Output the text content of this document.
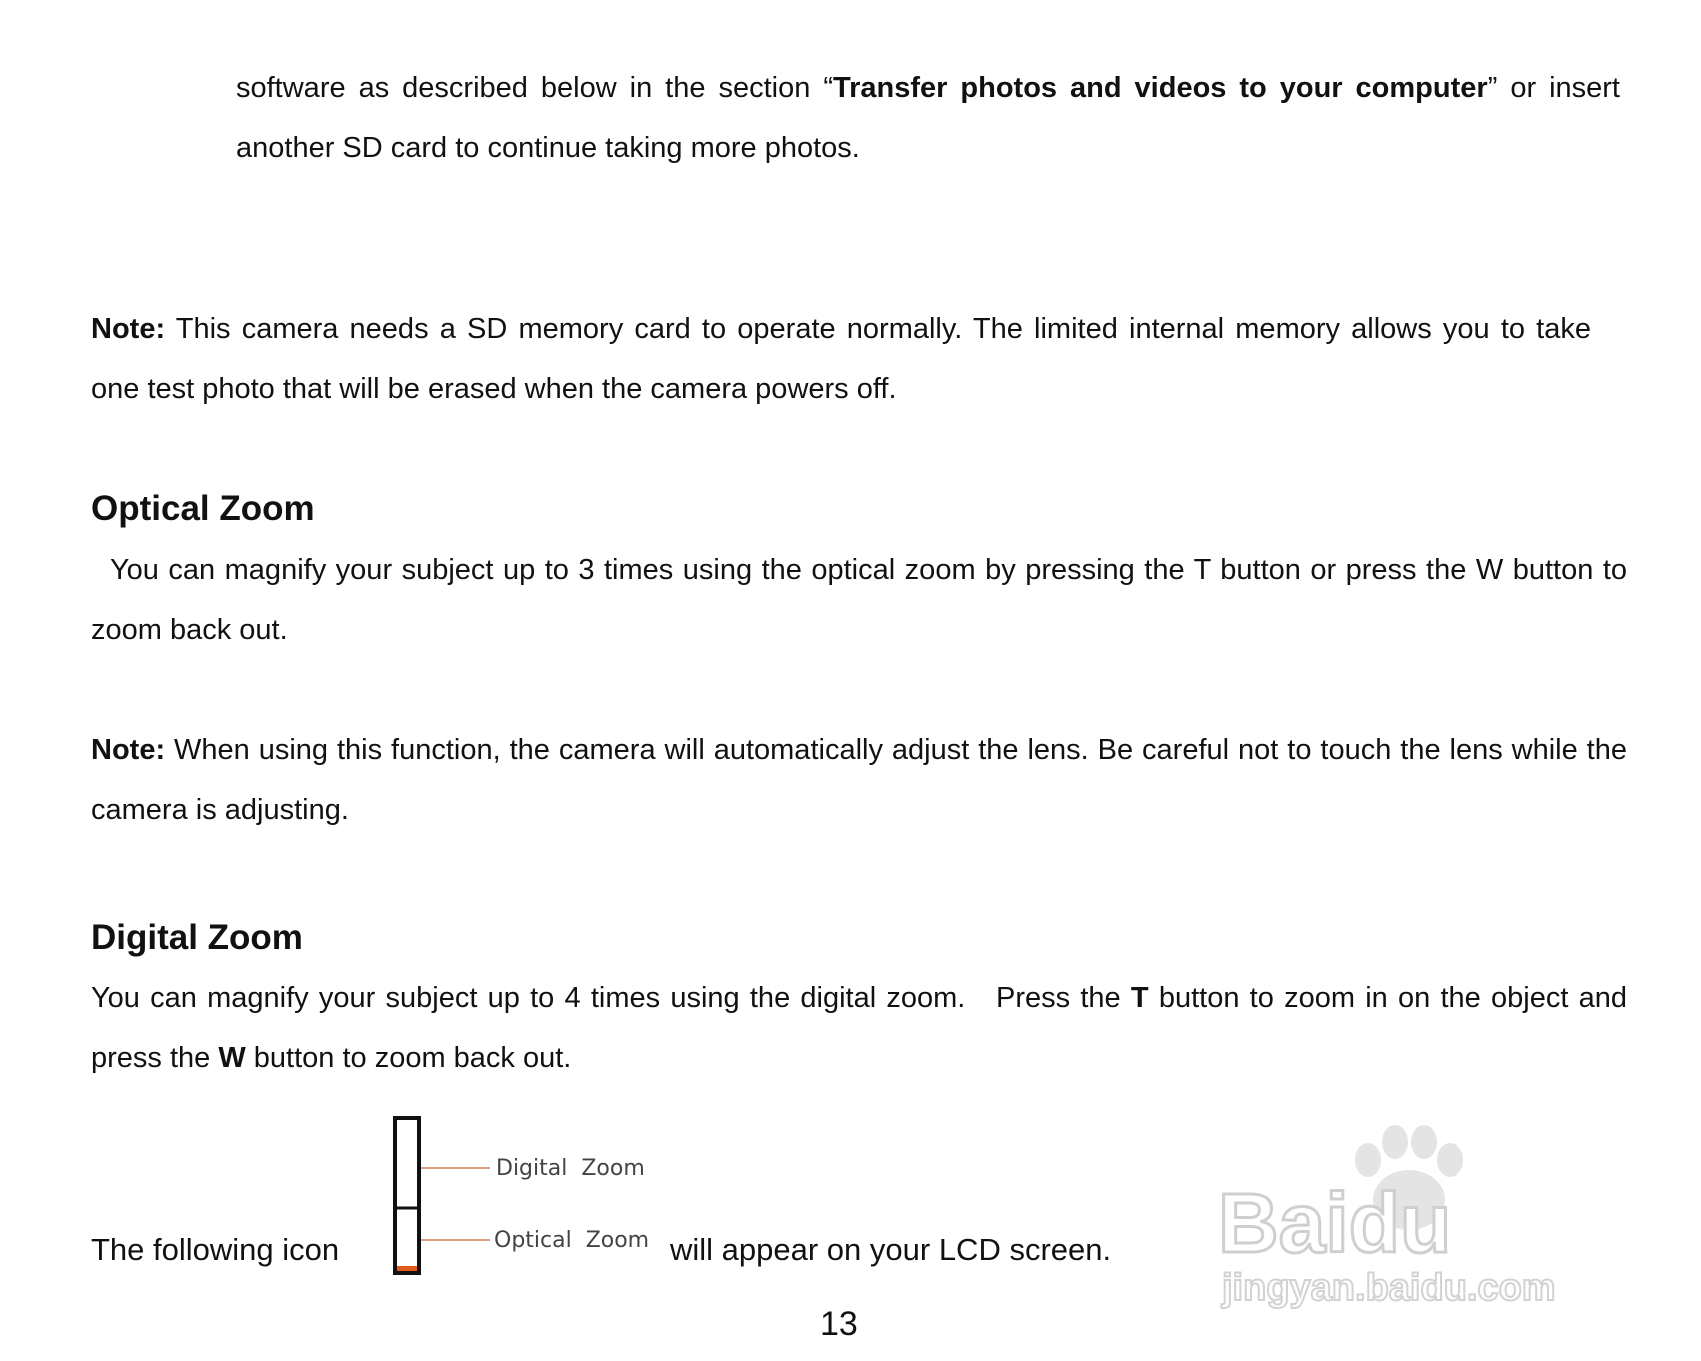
software as described below in the section “Transfer photos and videos to your computer” or insert another SD card to continue taking more photos.

Note: This camera needs a SD memory card to operate normally. The limited internal memory allows you to take one test photo that will be erased when the camera powers off.

Optical Zoom

You can magnify your subject up to 3 times using the optical zoom by pressing the T button or press the W button to zoom back out.

Note: When using this function, the camera will automatically adjust the lens. Be careful not to touch the lens while the camera is adjusting.

Digital Zoom

You can magnify your subject up to 4 times using the digital zoom.   Press the T button to zoom in on the object and press the W button to zoom back out.

The following icon
Digital  Zoom
Optical  Zoom will appear on your LCD screen.
13
Baidu
jingyan.baidu.com
